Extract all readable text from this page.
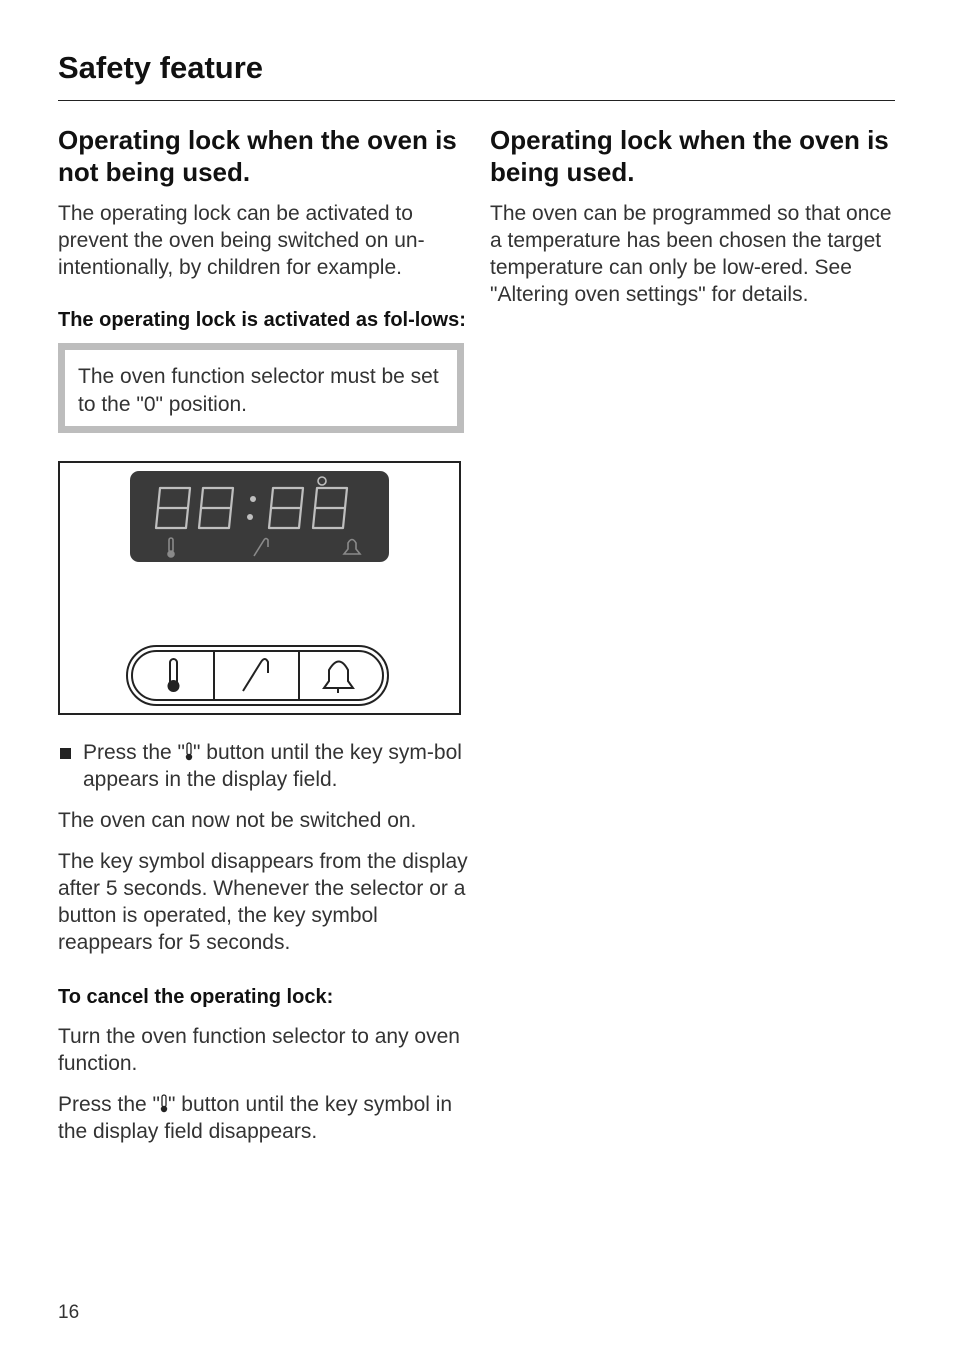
Safety feature
Operating lock when the oven is not being used.

The operating lock can be activated to prevent the oven being switched on un-intentionally, by children for example.

The operating lock is activated as fol-lows:

The oven function selector must be set to the "0" position.

Press the " " button until the key sym-bol appears in the display field.

The oven can now not be switched on.

The key symbol disappears from the display after 5 seconds. Whenever the selector or a button is operated, the key symbol reappears for 5 seconds.

To cancel the operating lock:

Turn the oven function selector to any oven function.

Press the " " button until the key symbol in the display field disappears.

Operating lock when the oven is being used.

The oven can be programmed so that once a temperature has been chosen the target temperature can only be low-ered. See "Altering oven settings" for details.

16
